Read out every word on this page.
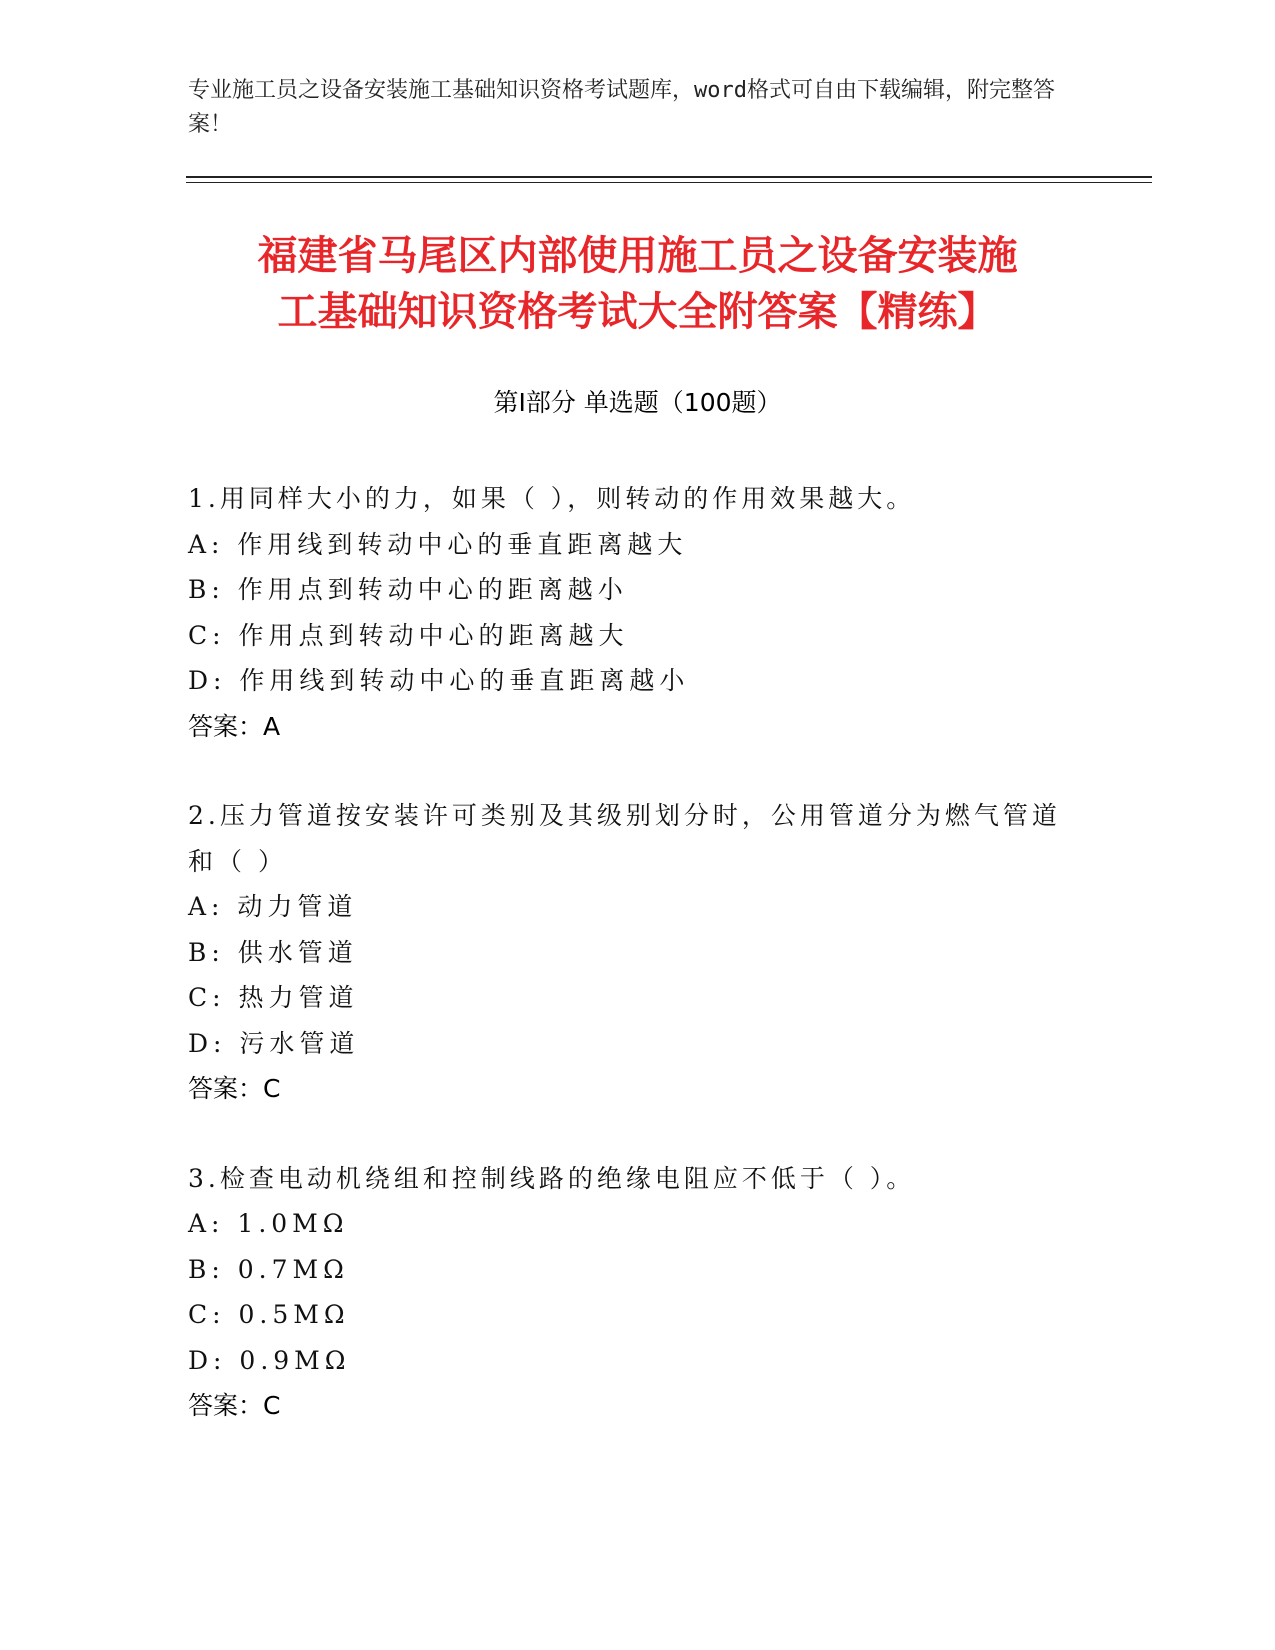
专业施工员之设备安装施工基础知识资格考试题库，word格式可自由下载编辑，附完整答案！
福建省马尾区内部使用施工员之设备安装施
工基础知识资格考试大全附答案【精练】
第Ⅰ部分 单选题（100题）
1.用同样大小的力，如果（ ），则转动的作用效果越大。
A: 作用线到转动中心的垂直距离越大
B: 作用点到转动中心的距离越小
C: 作用点到转动中心的距离越大
D: 作用线到转动中心的垂直距离越小
答案：A
2.压力管道按安装许可类别及其级别划分时，公用管道分为燃气管道和（ ）
A: 动力管道
B: 供水管道
C: 热力管道
D: 污水管道
答案：C
3.检查电动机绕组和控制线路的绝缘电阻应不低于（ ）。
A: 1.0MΩ
B: 0.7MΩ
C: 0.5MΩ
D: 0.9MΩ
答案：C
